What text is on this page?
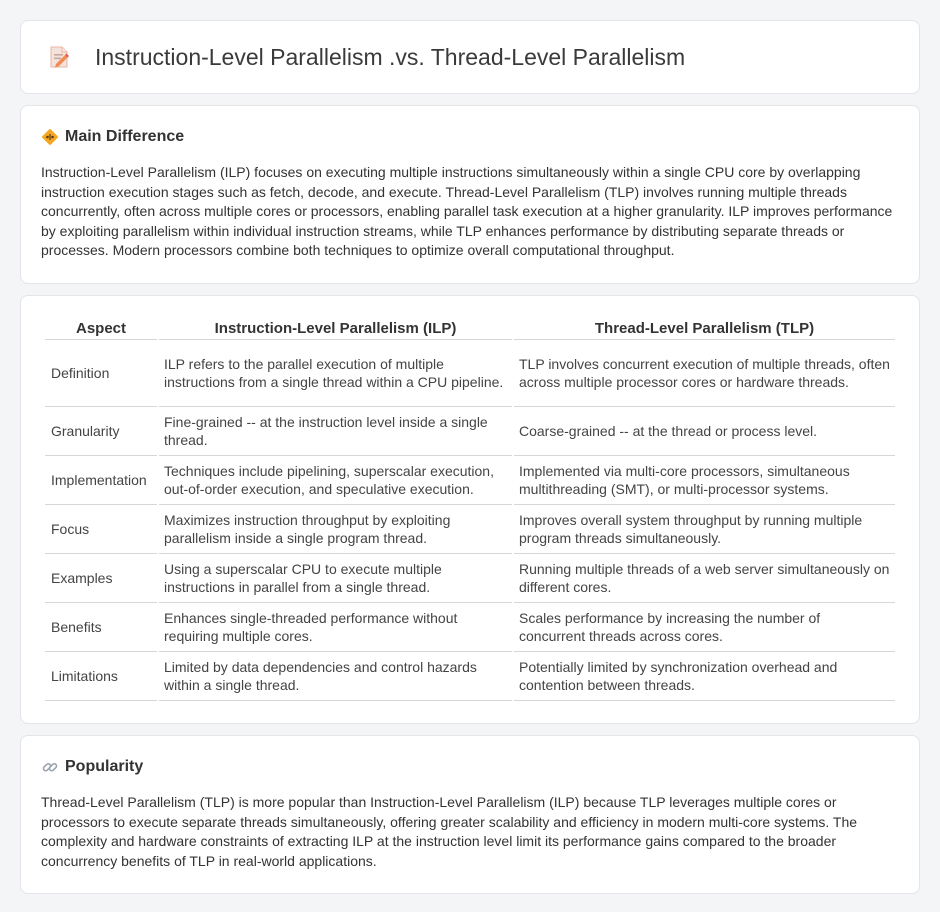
Instruction-Level Parallelism .vs. Thread-Level Parallelism
Main Difference

Instruction-Level Parallelism (ILP) focuses on executing multiple instructions simultaneously within a single CPU core by overlapping instruction execution stages such as fetch, decode, and execute. Thread-Level Parallelism (TLP) involves running multiple threads concurrently, often across multiple cores or processors, enabling parallel task execution at a higher granularity. ILP improves performance by exploiting parallelism within individual instruction streams, while TLP enhances performance by distributing separate threads or processes. Modern processors combine both techniques to optimize overall computational throughput.

Aspect	Instruction-Level Parallelism (ILP)	Thread-Level Parallelism (TLP)
Definition	ILP refers to the parallel execution of multiple instructions from a single thread within a CPU pipeline.	TLP involves concurrent execution of multiple threads, often across multiple processor cores or hardware threads.
Granularity	Fine-grained -- at the instruction level inside a single thread.	Coarse-grained -- at the thread or process level.
Implementation	Techniques include pipelining, superscalar execution, out-of-order execution, and speculative execution.	Implemented via multi-core processors, simultaneous multithreading (SMT), or multi-processor systems.
Focus	Maximizes instruction throughput by exploiting parallelism inside a single program thread.	Improves overall system throughput by running multiple program threads simultaneously.
Examples	Using a superscalar CPU to execute multiple instructions in parallel from a single thread.	Running multiple threads of a web server simultaneously on different cores.
Benefits	Enhances single-threaded performance without requiring multiple cores.	Scales performance by increasing the number of concurrent threads across cores.
Limitations	Limited by data dependencies and control hazards within a single thread.	Potentially limited by synchronization overhead and contention between threads.
Popularity

Thread-Level Parallelism (TLP) is more popular than Instruction-Level Parallelism (ILP) because TLP leverages multiple cores or processors to execute separate threads simultaneously, offering greater scalability and efficiency in modern multi-core systems. The complexity and hardware constraints of extracting ILP at the instruction level limit its performance gains compared to the broader concurrency benefits of TLP in real-world applications.
